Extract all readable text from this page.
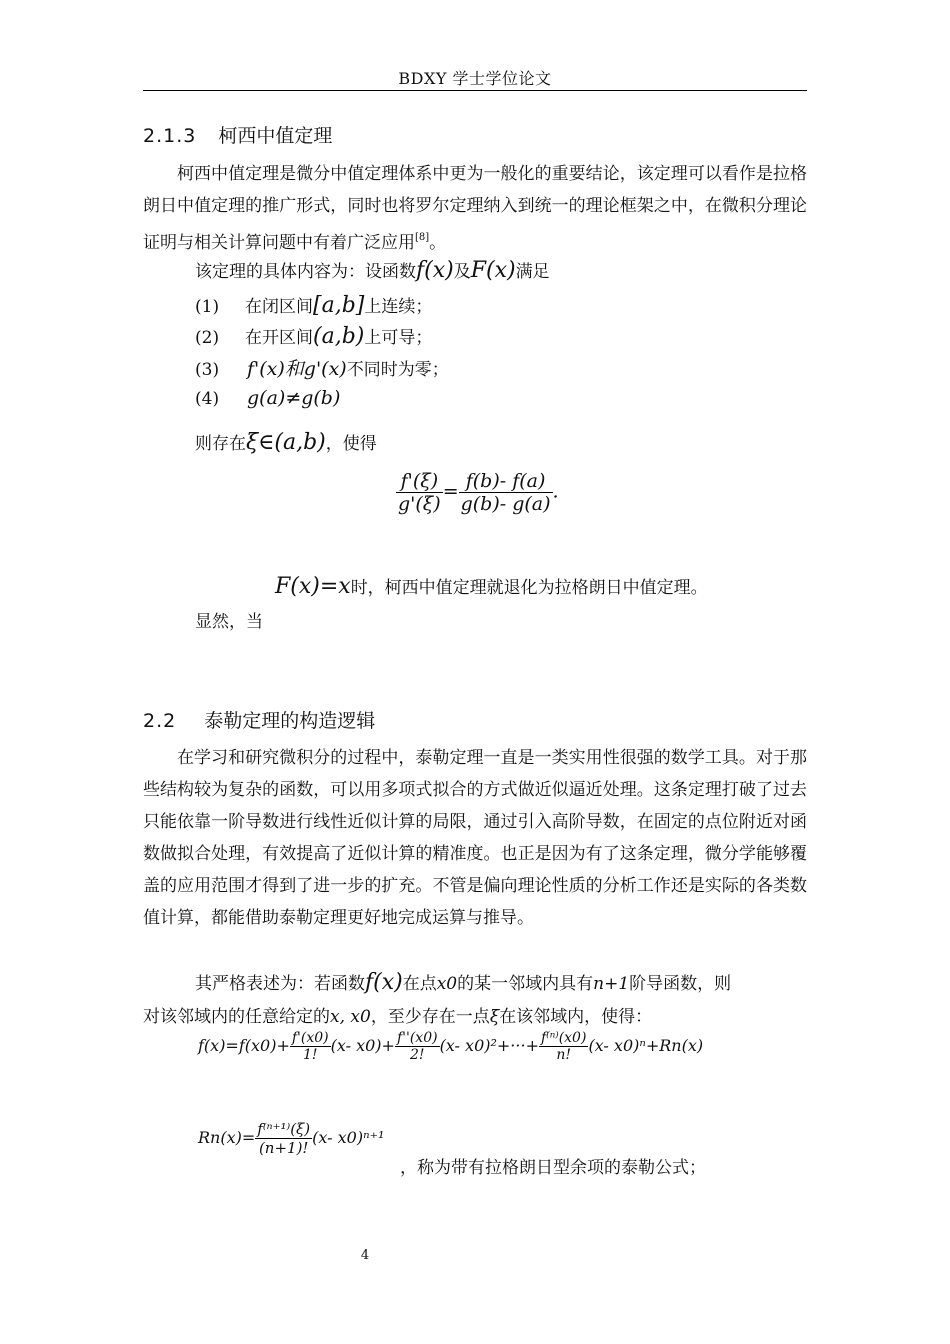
BDXY 学士学位论文
2.1.3 柯西中值定理
柯西中值定理是微分中值定理体系中更为一般化的重要结论，该定理可以看作是拉格朗日中值定理的推广形式，同时也将罗尔定理纳入到统一的理论框架之中，在微积分理论证明与相关计算问题中有着广泛应用[8]。
该定理的具体内容为：设函数f(x)及F(x)满足
(1) 在闭区间[a,b]上连续；
(2) 在开区间(a,b)上可导；
(3) f'(x)和g'(x)不同时为零；
(4) g(a)≠g(b)
则存在ξ∈(a,b)，使得
$\frac{f'(\xi)}{g'(\xi)} = \frac{f(b)- f(a)}{g(b)- g(a)}$ .
F(x)=x时，柯西中值定理就退化为拉格朗日中值定理。
显然，当
2.2 泰勒定理的构造逻辑
在学习和研究微积分的过程中，泰勒定理一直是一类实用性很强的数学工具。对于那些结构较为复杂的函数，可以用多项式拟合的方式做近似逼近处理。这条定理打破了过去只能依靠一阶导数进行线性近似计算的局限，通过引入高阶导数，在固定的点位附近对函数做拟合处理，有效提高了近似计算的精准度。也正是因为有了这条定理，微分学能够覆盖的应用范围才得到了进一步的扩充。不管是偏向理论性质的分析工作还是实际的各类数值计算，都能借助泰勒定理更好地完成运算与推导。
其严格表述为：若函数f(x)在点x0的某一邻域内具有n+1阶导函数，则
对该邻域内的任意给定的x, x0，至少存在一点ξ在该邻域内，使得：
$f(x)=f(x0)+ \frac{f'(x0)}{1!} (x-$ $x0)+ \frac{f''(x0)}{2!} (x-$ $x0)^2+\cdot\cdot\cdot+ \frac{\text{f⁽ⁿ⁾(x0)}}{n!} (x-$ x0)ⁿ+Rn(x)
$Rn(x)= \frac{\text{f⁽ⁿ⁺¹⁾(ξ)}}{(n+1)!} (x-$ x0)ⁿ⁺¹
，称为带有拉格朗日型余项的泰勒公式；
4
